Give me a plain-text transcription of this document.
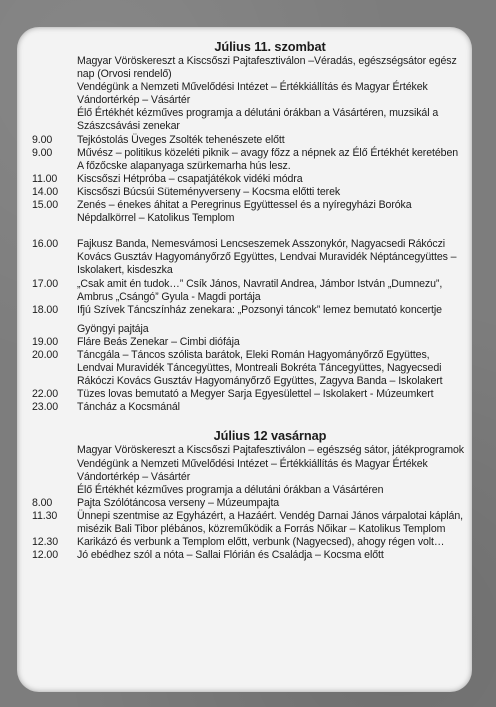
Július 11. szombat
Magyar Vöröskereszt a Kiscsőszi Pajtafesztiválon –Véradás, egészségsátor egész nap (Orvosi rendelő)
Vendégünk a Nemzeti Művelődési Intézet – Értékkiállítás és Magyar Értékek Vándortérkép – Vásártér
Élő Értékhét kézműves programja a délutáni órákban a Vásártéren, muzsikál a Szászcsávási zenekar
9.00	Tejkóstolás Üveges Zsolték tehenészete előtt
9.00	Művész – politikus közeléti piknik – avagy főzz a népnek az Élő Értékhét keretében
A főzőcske alapanyaga szürkemarha hús lesz.
11.00	Kiscsőszi Hétpróba – csapatjátékok vidéki módra
14.00	Kiscsőszi Búcsúi Süteményverseny – Kocsma előtti terek
15.00	Zenés – énekes áhitat a Peregrinus Együttessel és a nyíregyházi Boróka Népdalkörrel – Katolikus Templom
16.00	Fajkusz Banda, Nemesvámosi Lencseszemek Asszonykór, Nagyacsedi Rákóczi Kovács Gusztáv Hagyományőrző Együttes, Lendvai Muravidék Néptáncegyüttes – Iskolakert, kisdeszka
17.00	„Csak amit én tudok…” Csík János, Navratil Andrea, Jámbor István „Dumnezu”, Ambrus „Csángó” Gyula - Magdi portája
18.00	Ifjú Szívek Táncszínház zenekara: „Pozsonyi táncok” lemez bemutató koncertje
Gyöngyi pajtája
19.00	Fláre Beás Zenekar – Cimbi diófája
20.00	Táncgála – Táncos szólista barátok, Eleki Román Hagyományőrző Együttes, Lendvai Muravidék Táncegyüttes, Montreali Bokréta Táncegyüttes, Nagyecsedi Rákóczi Kovács Gusztáv Hagyományőrző Együttes, Zagyva Banda – Iskolakert
22.00	Tüzes lovas bemutató a Megyer Sarja Egyesülettel – Iskolakert - Múzeumkert
23.00	Táncház a Kocsmánál
Július 12 vasárnap
Magyar Vöröskereszt a Kiscsőszi Pajtafesztiválon – egészség sátor, játékprogramok
Vendégünk a Nemzeti Művelődési Intézet – Értékkiállítás és Magyar Értékek Vándortérkép – Vásártér
Élő Értékhét kézműves programja a délutáni órákban a Vásártéren
8.00	Pajta Szólótáncosa verseny – Múzeumpajta
11.30	Ünnepi szentmise az Egyházért, a Hazáért. Vendég Darnai János várpalotai káplán, misézik Bali Tibor plébános, közreműködik a Forrás Nőikar – Katolikus Templom
12.30	Karikázó és verbunk a Templom előtt, verbunk (Nagyecsed), ahogy régen volt…
12.00	Jó ebédhez szól a nóta – Sallai Flórián és Családja – Kocsma előtt
